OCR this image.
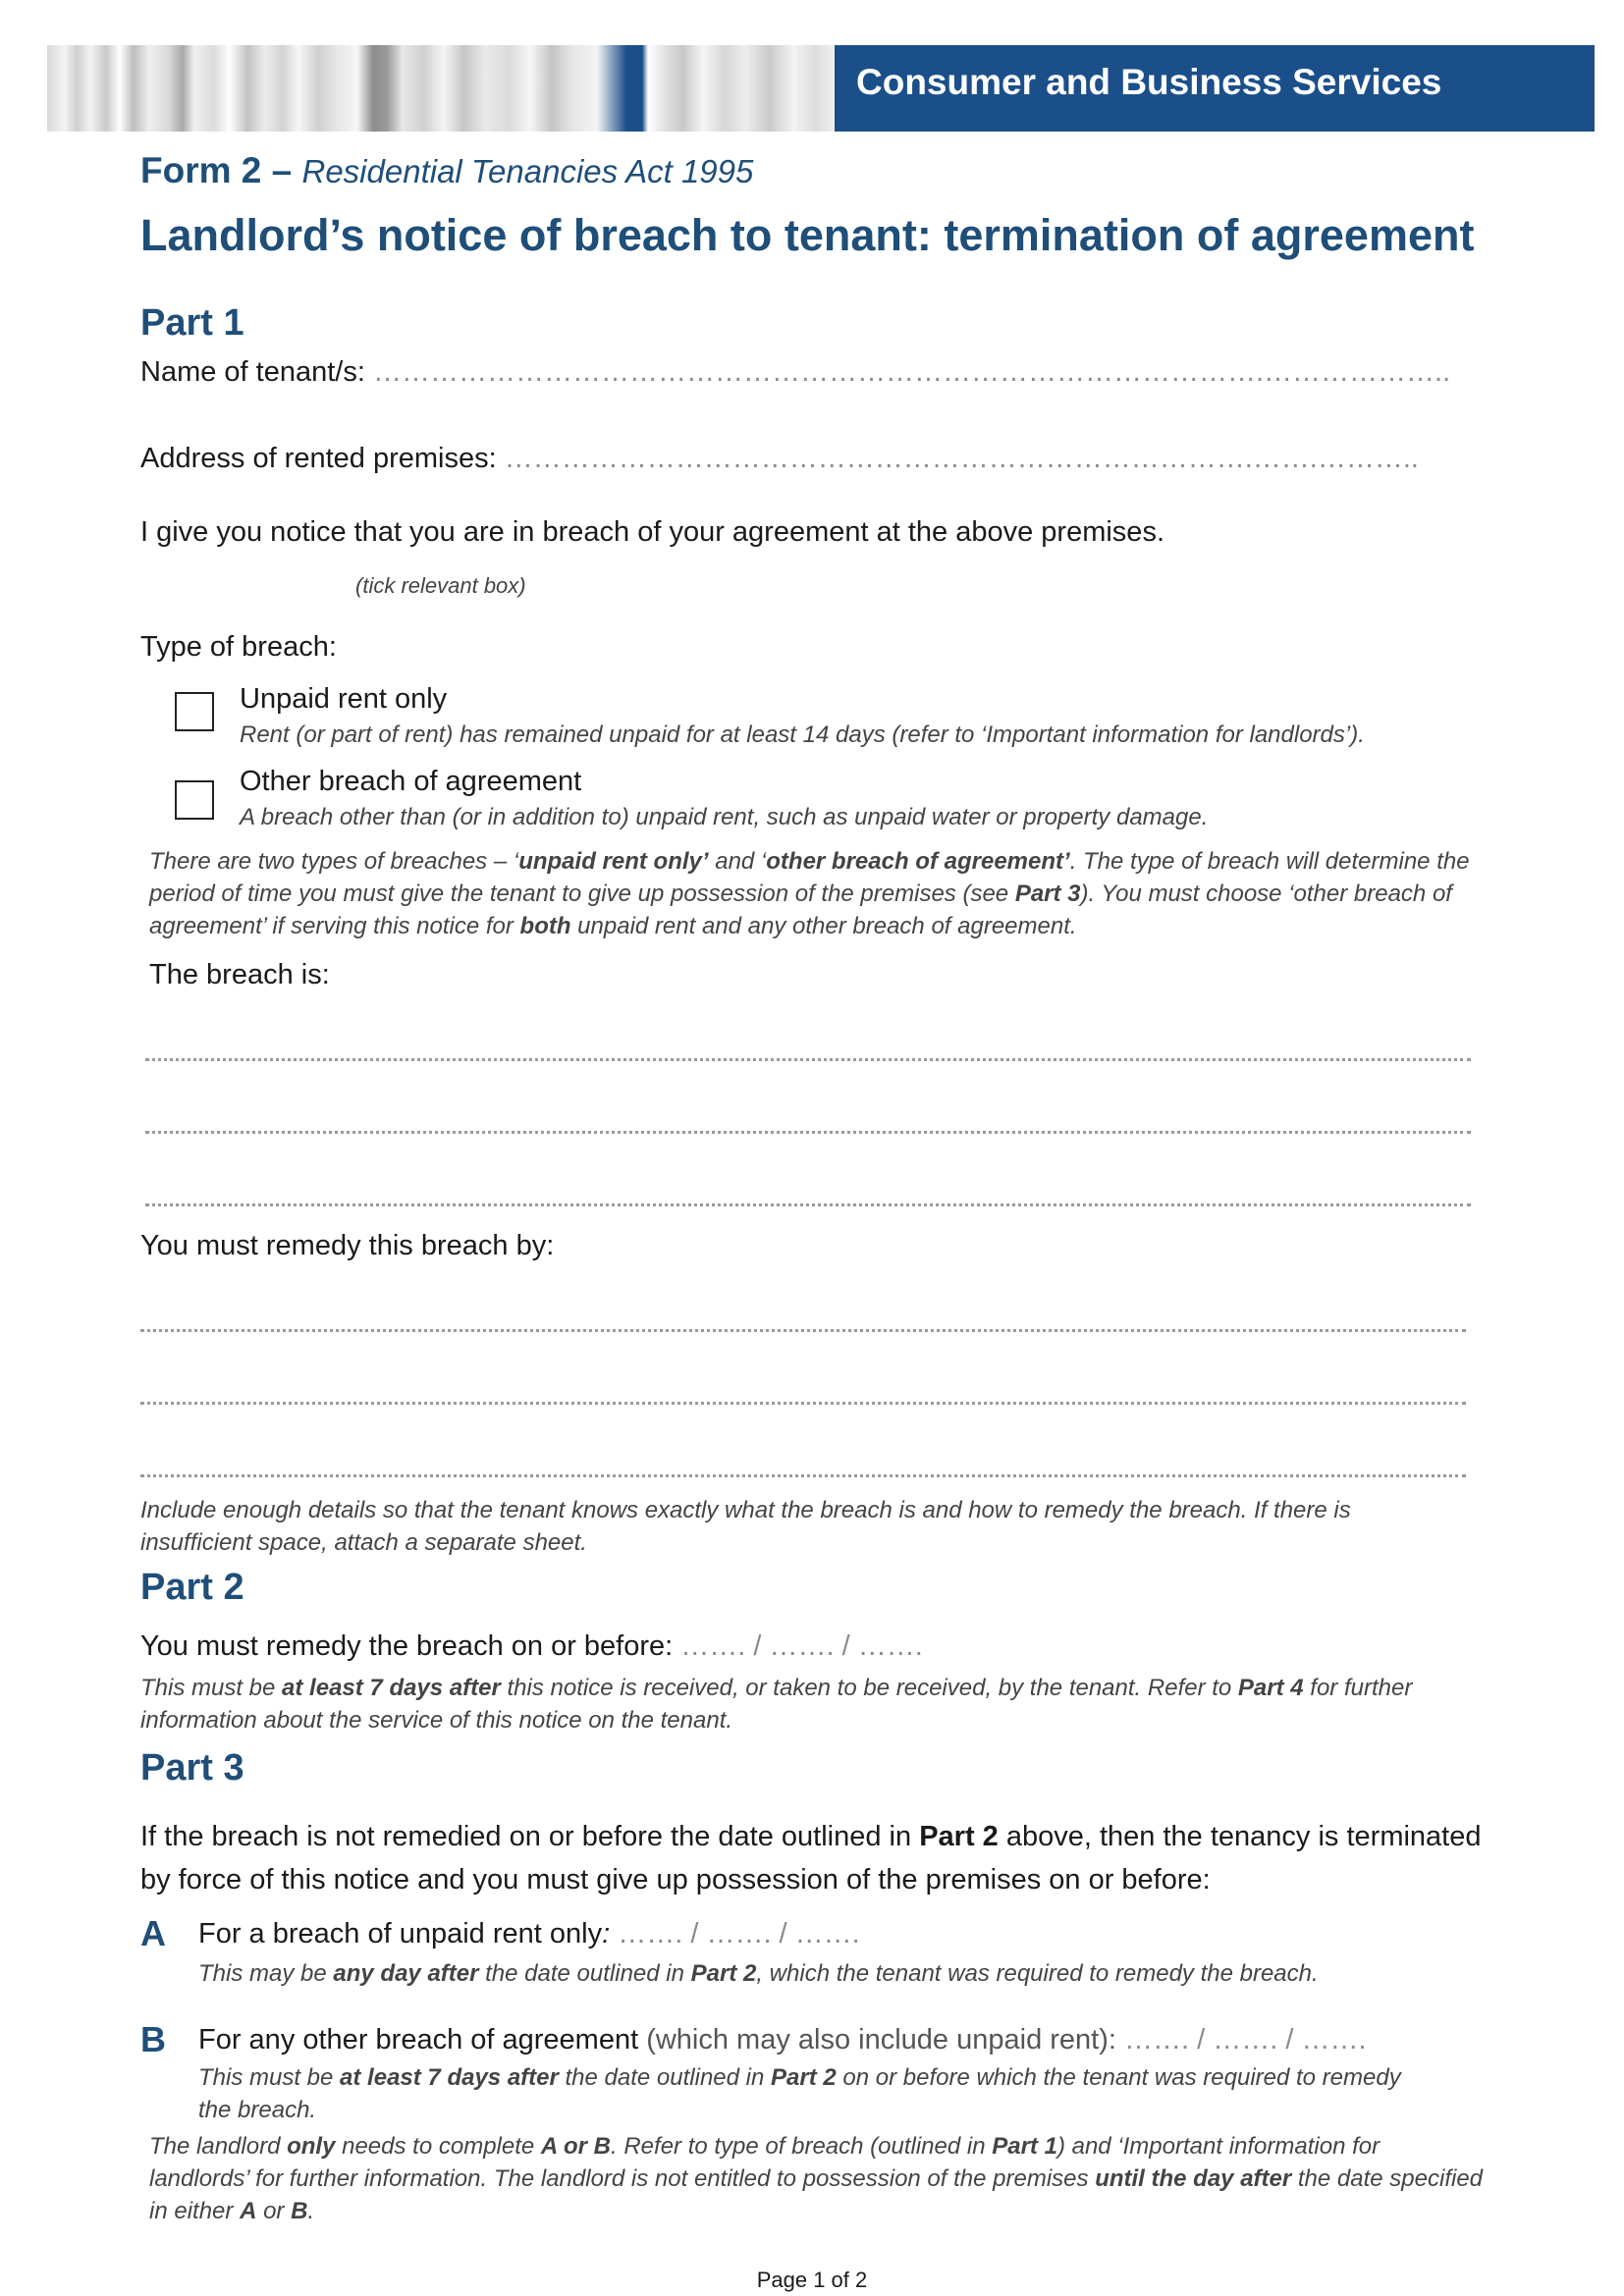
Consumer and Business Services
Form 2 – Residential Tenancies Act 1995
Landlord’s notice of breach to tenant: termination of agreement
Part 1
Name of tenant/s: ………………………………………………………………………………….………………..
Address of rented premises: …………………………………………………………………….…….………..
I give you notice that you are in breach of your agreement at the above premises.
(tick relevant box)
Type of breach:
Unpaid rent only
Rent (or part of rent) has remained unpaid for at least 14 days (refer to ‘Important information for landlords’).
Other breach of agreement
A breach other than (or in addition to) unpaid rent, such as unpaid water or property damage.
There are two types of breaches – ‘unpaid rent only’ and ‘other breach of agreement’. The type of breach will determine the period of time you must give the tenant to give up possession of the premises (see Part 3). You must choose ‘other breach of agreement’ if serving this notice for both unpaid rent and any other breach of agreement.
The breach is:
You must remedy this breach by:
Include enough details so that the tenant knows exactly what the breach is and how to remedy the breach. If there is insufficient space, attach a separate sheet.
Part 2
You must remedy the breach on or before: ……. / ……. / …….
This must be at least 7 days after this notice is received, or taken to be received, by the tenant. Refer to Part 4 for further information about the service of this notice on the tenant.
Part 3
If the breach is not remedied on or before the date outlined in Part 2 above, then the tenancy is terminated by force of this notice and you must give up possession of the premises on or before:
A For a breach of unpaid rent only: ……. / ……. / …….
This may be any day after the date outlined in Part 2, which the tenant was required to remedy the breach.
B For any other breach of agreement (which may also include unpaid rent): ……. / ……. / …….
This must be at least 7 days after the date outlined in Part 2 on or before which the tenant was required to remedy the breach.
The landlord only needs to complete A or B. Refer to type of breach (outlined in Part 1) and ‘Important information for landlords’ for further information. The landlord is not entitled to possession of the premises until the day after the date specified in either A or B.
Page 1 of 2
